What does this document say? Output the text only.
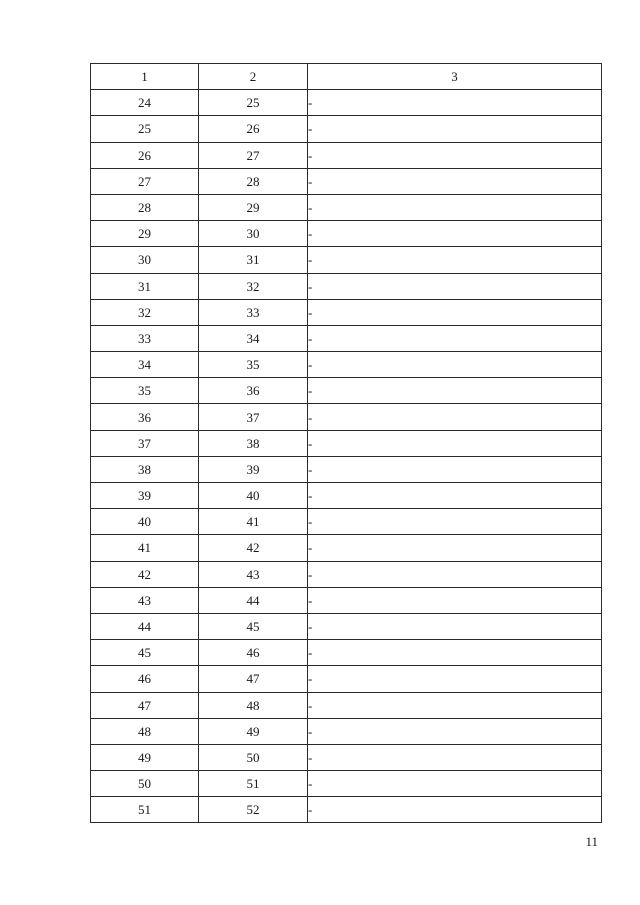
1	2	3
24	25	-
25	26	-
26	27	-
27	28	-
28	29	-
29	30	-
30	31	-
31	32	-
32	33	-
33	34	-
34	35	-
35	36	-
36	37	-
37	38	-
38	39	-
39	40	-
40	41	-
41	42	-
42	43	-
43	44	-
44	45	-
45	46	-
46	47	-
47	48	-
48	49	-
49	50	-
50	51	-
51	52	-
11
